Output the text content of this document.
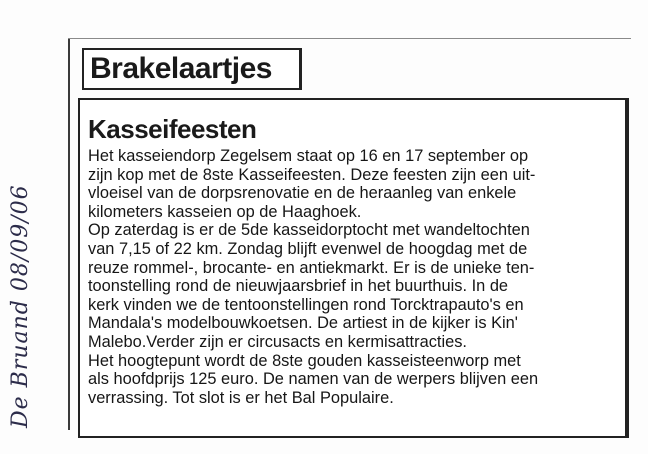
De Bruand 08/09/06
Brakelaartjes
Kasseifeesten
Het kasseiendorp Zegelsem staat op 16 en 17 september op
zijn kop met de 8ste Kasseifeesten. Deze feesten zijn een uit-
vloeisel van de dorpsrenovatie en de heraanleg van enkele
kilometers kasseien op de Haaghoek.
Op zaterdag is er de 5de kasseidorptocht met wandeltochten
van 7,15 of 22 km. Zondag blijft evenwel de hoogdag met de
reuze rommel-, brocante- en antiekmarkt. Er is de unieke ten-
toonstelling rond de nieuwjaarsbrief in het buurthuis. In de
kerk vinden we de tentoonstellingen rond Torcktrapauto's en
Mandala's modelbouwkoetsen. De artiest in de kijker is Kin'
Malebo.Verder zijn er circusacts en kermisattracties.
Het hoogtepunt wordt de 8ste gouden kasseisteenworp met
als hoofdprijs 125 euro. De namen van de werpers blijven een
verrassing. Tot slot is er het Bal Populaire.
